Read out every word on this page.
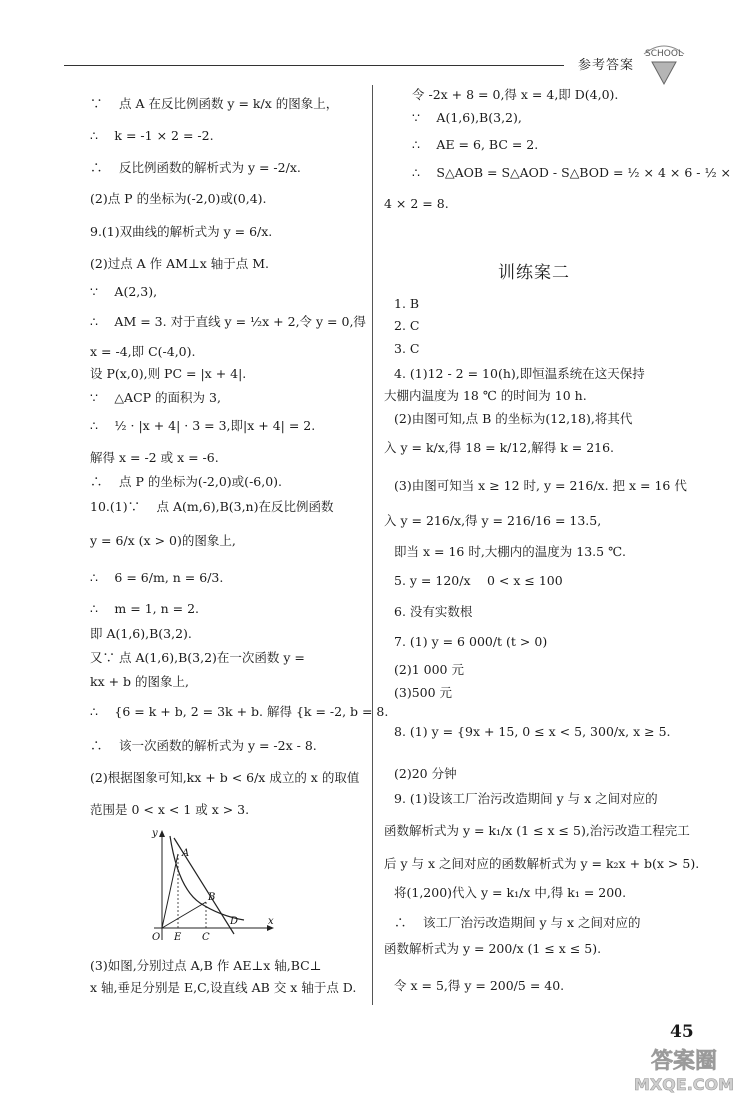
参考答案
SCHOOL

∵ 　点 A 在反比例函数 y = k/x 的图象上，

∴ 　k = -1 × 2 = -2.

∴ 　反比例函数的解析式为 y = -2/x.

(2)点 P 的坐标为(-2,0)或(0,4).

9.(1)双曲线的解析式为 y = 6/x.

(2)过点 A 作 AM⊥x 轴于点 M.

∵ 　A(2,3),

∴ 　AM = 3. 对于直线 y = ½x + 2,令 y = 0,得

x = -4,即 C(-4,0).

设 P(x,0),则 PC = |x + 4|.

∵ 　△ACP 的面积为 3,

∴ 　½ · |x + 4| · 3 = 3,即|x + 4| = 2.

解得 x = -2 或 x = -6.

∴ 　点 P 的坐标为(-2,0)或(-6,0).

10.(1)∵ 　点 A(m,6),B(3,n)在反比例函数

y = 6/x (x > 0)的图象上,

∴ 　6 = 6/m, n = 6/3.

∴ 　m = 1, n = 2.

即 A(1,6),B(3,2).

又∵ 点 A(1,6),B(3,2)在一次函数 y =

kx + b 的图象上,

∴ 　{6 = k + b, 2 = 3k + b. 解得 {k = -2, b = 8.

∴ 　该一次函数的解析式为 y = -2x - 8.

(2)根据图象可知,kx + b < 6/x 成立的 x 的取值

范围是 0 < x < 1 或 x > 3.

(3)如图,分别过点 A,B 作 AE⊥x 轴,BC⊥

x 轴,垂足分别是 E,C,设直线 AB 交 x 轴于点 D.

y
x
A
B
O E C
D

令 -2x + 8 = 0,得 x = 4,即 D(4,0).

∵ 　A(1,6),B(3,2),

∴ 　AE = 6, BC = 2.

∴ 　S△AOB = S△AOD - S△BOD = ½ × 4 × 6 - ½ ×

4 × 2 = 8.

1. B

2. C

3. C

4. (1)12 - 2 = 10(h),即恒温系统在这天保持

大棚内温度为 18 ℃ 的时间为 10 h.

(2)由图可知,点 B 的坐标为(12,18),将其代

入 y = k/x,得 18 = k/12,解得 k = 216.

(3)由图可知当 x ≥ 12 时, y = 216/x. 把 x = 16 代

入 y = 216/x,得 y = 216/16 = 13.5,

即当 x = 16 时,大棚内的温度为 13.5 ℃.

5. y = 120/x 　0 < x ≤ 100

6. 没有实数根

7. (1) y = 6 000/t (t > 0)

(2)1 000 元

(3)500 元

8. (1) y = {9x + 15, 0 ≤ x < 5, 300/x, x ≥ 5.

(2)20 分钟

9. (1)设该工厂治污改造期间 y 与 x 之间对应的

函数解析式为 y = k₁/x (1 ≤ x ≤ 5),治污改造工程完工

后 y 与 x 之间对应的函数解析式为 y = k₂x + b(x > 5).

将(1,200)代入 y = k₁/x 中,得 k₁ = 200.

∴ 　该工厂治污改造期间 y 与 x 之间对应的

函数解析式为 y = 200/x (1 ≤ x ≤ 5).

令 x = 5,得 y = 200/5 = 40.

训练案二
45
答案圈
MXQE.COM
